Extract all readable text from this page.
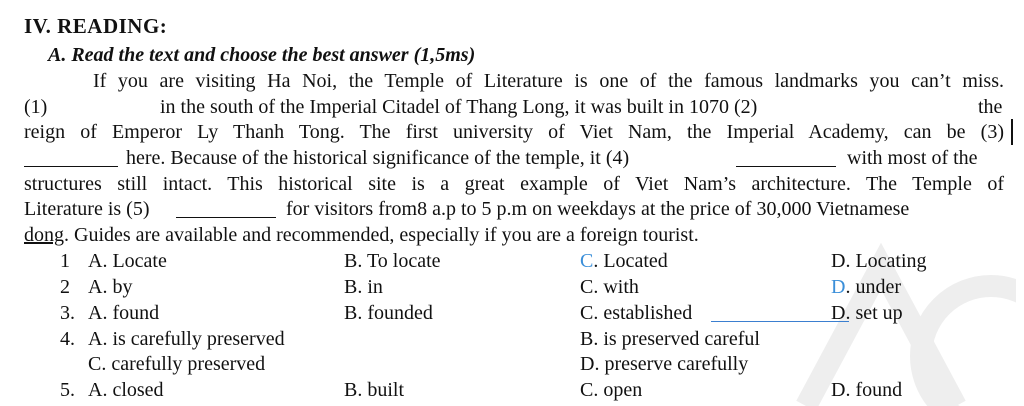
IV. READING:
A. Read the text and choose the best answer (1,5ms)
If you are visiting Ha Noi, the Temple of Literature is one of the famous landmarks you can’t miss.
(1)	in the south of the Imperial Citadel of Thang Long, it was built in 1070 (2)	the
reign of Emperor Ly Thanh Tong. The first university of Viet Nam, the Imperial Academy, can be (3)
here. Because of the historical significance of the temple, it (4)	with most of the
structures still intact. This historical site is a great example of Viet Nam’s architecture. The Temple of
Literature is (5)	for visitors from8 a.p to 5 p.m on weekdays at the price of 30,000 Vietnamese
dong. Guides are available and recommended, especially if you are a foreign tourist.
1 A. Locate	B. To locate	C. Located	D. Locating
2 A. by	B. in	C. with	D. under
3. A. found	B. founded	C. established	D. set up
4. A. is carefully preserved	B. is preserved careful
C. carefully preserved	D. preserve carefully
5. A. closed	B. built	C. open	D. found
